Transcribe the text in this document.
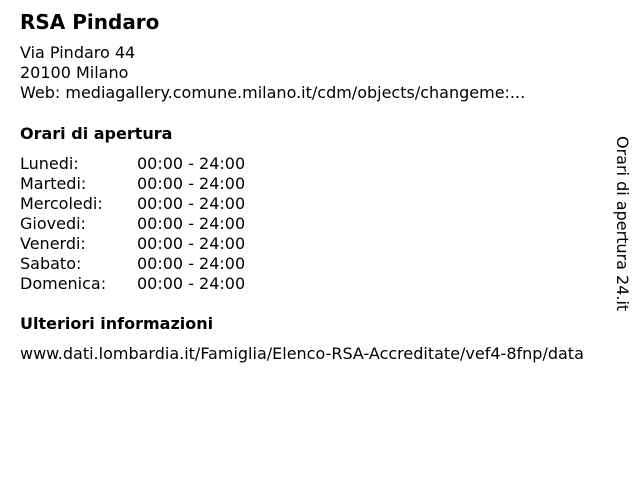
RSA Pindaro
Via Pindaro 44
20100 Milano
Web: mediagallery.comune.milano.it/cdm/objects/changeme:...
Orari di apertura
Lunedi:	00:00 - 24:00
Martedi:	00:00 - 24:00
Mercoledi:	00:00 - 24:00
Giovedi:	00:00 - 24:00
Venerdi:	00:00 - 24:00
Sabato:	00:00 - 24:00
Domenica:	00:00 - 24:00
Ulteriori informazioni
www.dati.lombardia.it/Famiglia/Elenco-RSA-Accreditate/vef4-8fnp/data
Orari di apertura 24.it
